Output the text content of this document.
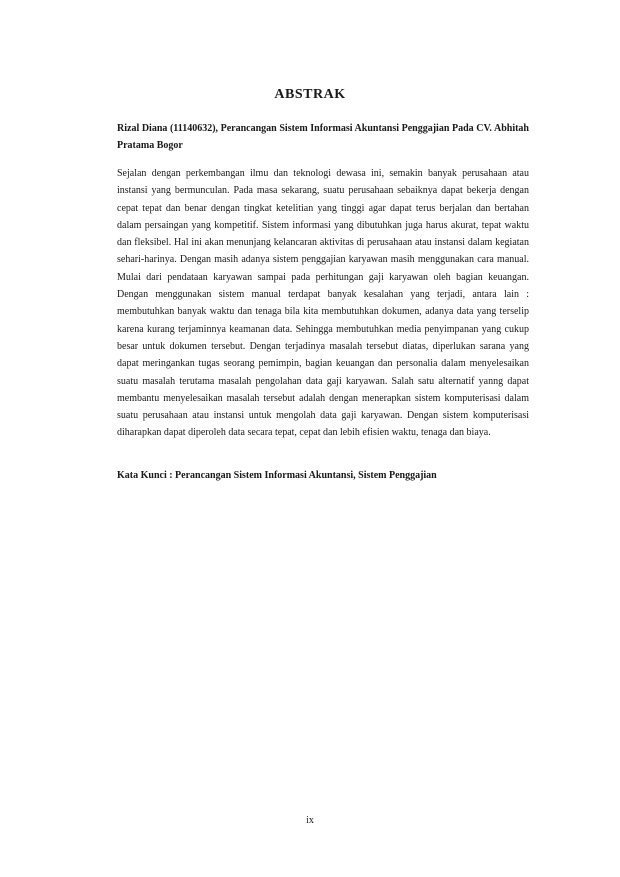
ABSTRAK

Rizal Diana (11140632), Perancangan Sistem Informasi Akuntansi Penggajian Pada CV. Abhitah Pratama Bogor

Sejalan dengan perkembangan ilmu dan teknologi dewasa ini, semakin banyak perusahaan atau instansi yang bermunculan. Pada masa sekarang, suatu perusahaan sebaiknya dapat bekerja dengan cepat tepat dan benar dengan tingkat ketelitian yang tinggi agar dapat terus berjalan dan bertahan dalam persaingan yang kompetitif. Sistem informasi yang dibutuhkan juga harus akurat, tepat waktu dan fleksibel. Hal ini akan menunjang kelancaran aktivitas di perusahaan atau instansi dalam kegiatan sehari-harinya. Dengan masih adanya sistem penggajian karyawan masih menggunakan cara manual. Mulai dari pendataan karyawan sampai pada perhitungan gaji karyawan oleh bagian keuangan. Dengan menggunakan sistem manual terdapat banyak kesalahan yang terjadi, antara lain : membutuhkan banyak waktu dan tenaga bila kita membutuhkan dokumen, adanya data yang terselip karena kurang terjaminnya keamanan data. Sehingga membutuhkan media penyimpanan yang cukup besar untuk dokumen tersebut. Dengan terjadinya masalah tersebut diatas, diperlukan sarana yang dapat meringankan tugas seorang pemimpin, bagian keuangan dan personalia dalam menyelesaikan suatu masalah terutama masalah pengolahan data gaji karyawan. Salah satu alternatif yanng dapat membantu menyelesaikan masalah tersebut adalah dengan menerapkan sistem komputerisasi dalam suatu perusahaan atau instansi untuk mengolah data gaji karyawan. Dengan sistem komputerisasi diharapkan dapat diperoleh data secara tepat, cepat dan lebih efisien waktu, tenaga dan biaya.

Kata Kunci : Perancangan Sistem Informasi Akuntansi, Sistem Penggajian

ix
